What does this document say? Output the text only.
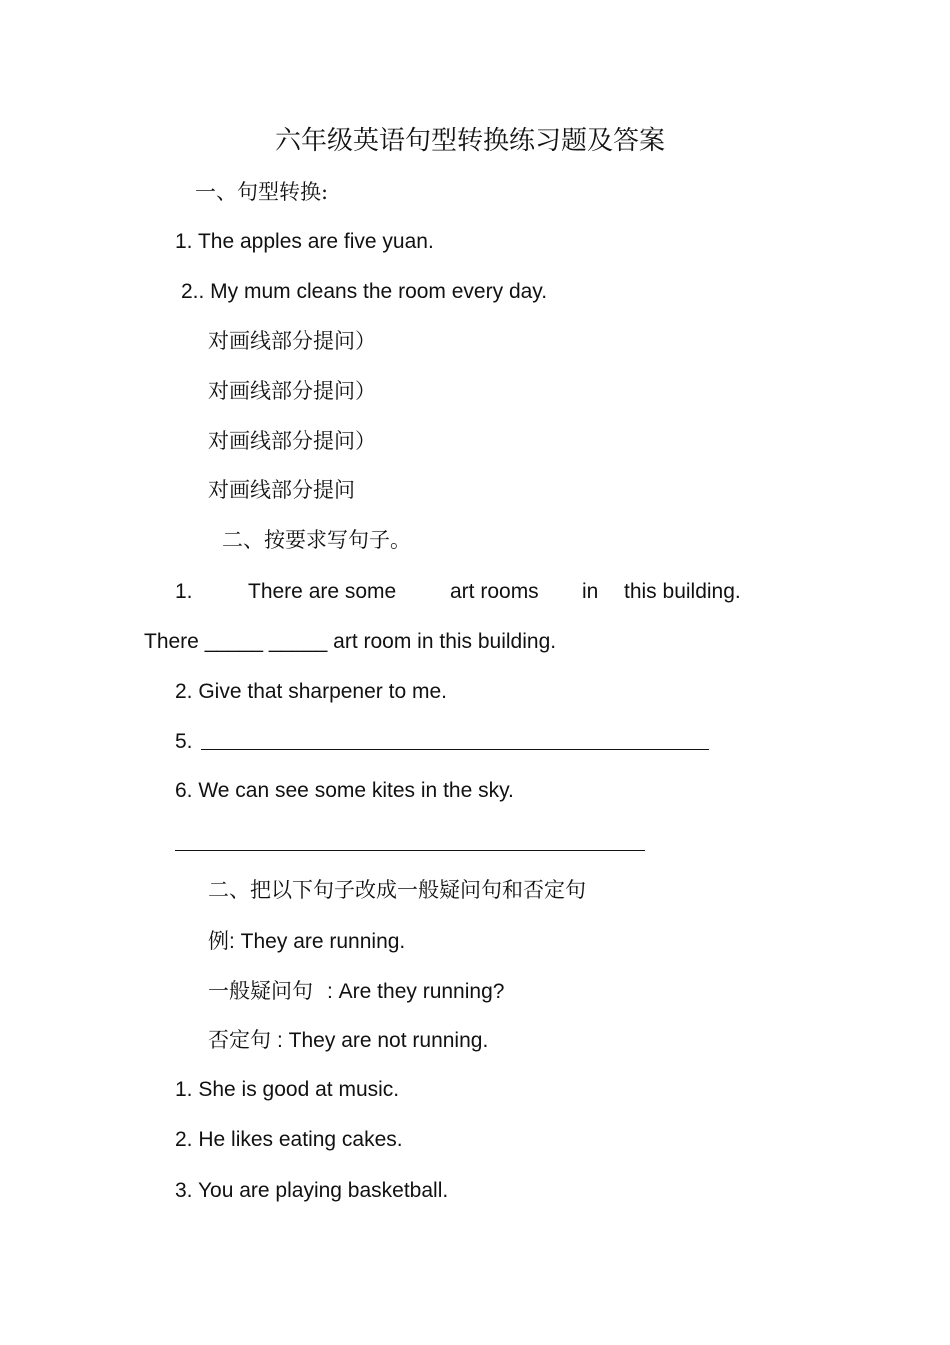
六年级英语句型转换练习题及答案
一、句型转换:
1. The apples are five yuan.
2.. My mum cleans the room every day.
对画线部分提问）
对画线部分提问）
对画线部分提问）
对画线部分提问
二、按要求写句子。
1.	There are some	art rooms in this building.
There _____ _____ art room in this building.
2. Give that sharpener to me.
5.
6. We can see some kites in the sky.
二、把以下句子改成一般疑问句和否定句
例: They are running.
一般疑问句 : Are they running?
否定句 : They are not running.
1. She is good at music.
2. He likes eating cakes.
3. You are playing basketball.
